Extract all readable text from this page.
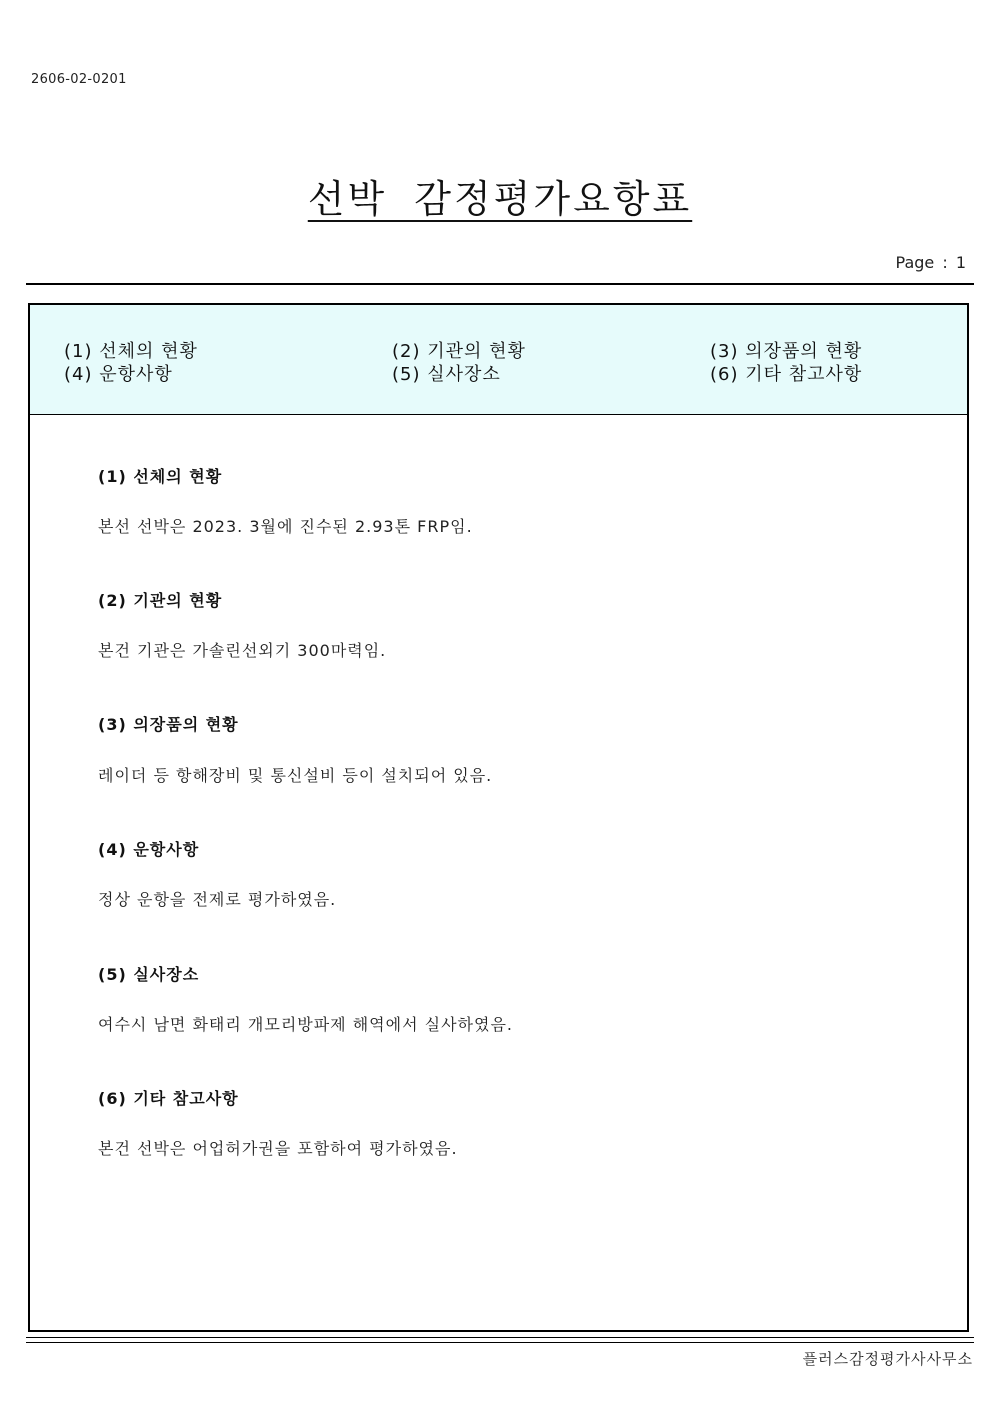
2606-02-0201
선박 감정평가요항표
Page : 1
(1) 선체의 현황	(2) 기관의 현황	(3) 의장품의 현황
(4) 운항사항	(5) 실사장소	(6) 기타 참고사항
(1) 선체의 현황
본선 선박은 2023. 3월에 진수된 2.93톤 FRP임.
(2) 기관의 현황
본건 기관은 가솔린선외기 300마력임.
(3) 의장품의 현황
레이더 등 항해장비 및 통신설비 등이 설치되어 있음.
(4) 운항사항
정상 운항을 전제로 평가하였음.
(5) 실사장소
여수시 남면 화태리 개모리방파제 해역에서 실사하였음.
(6) 기타 참고사항
본건 선박은 어업허가권을 포함하여 평가하였음.
플러스감정평가사사무소
